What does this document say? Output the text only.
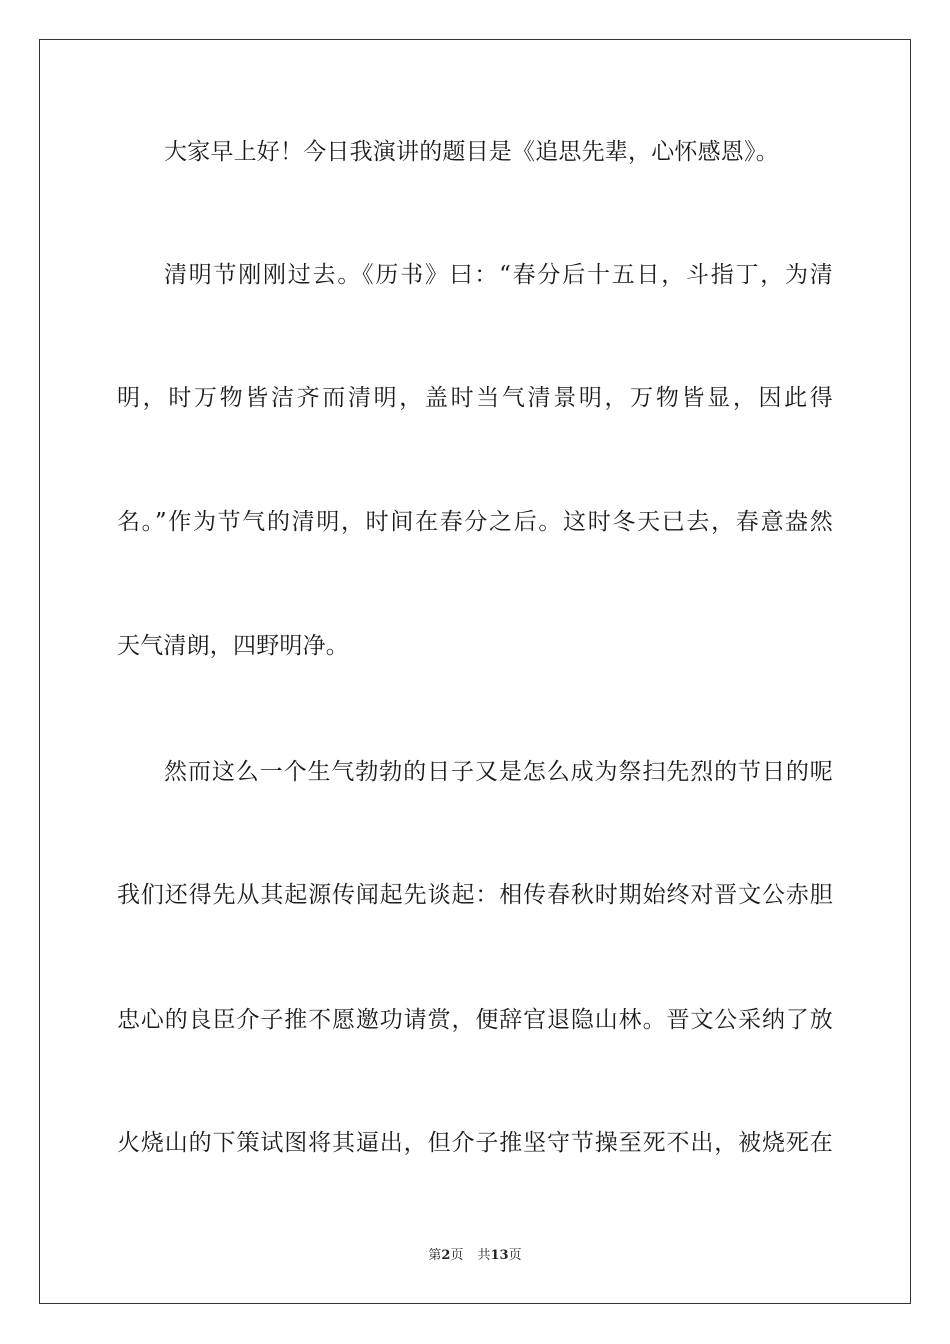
大家早上好！今日我演讲的题目是《追思先辈，心怀感恩》。
清明节刚刚过去。《历书》曰：“春分后十五日，斗指丁，为清
明，时万物皆洁齐而清明，盖时当气清景明，万物皆显，因此得
名。”作为节气的清明，时间在春分之后。这时冬天已去，春意盎然
天气清朗，四野明净。
然而这么一个生气勃勃的日子又是怎么成为祭扫先烈的节日的呢
我们还得先从其起源传闻起先谈起：相传春秋时期始终对晋文公赤胆
忠心的良臣介子推不愿邀功请赏，便辞官退隐山林。晋文公采纳了放
火烧山的下策试图将其逼出，但介子推坚守节操至死不出，被烧死在
第2页 共13页
